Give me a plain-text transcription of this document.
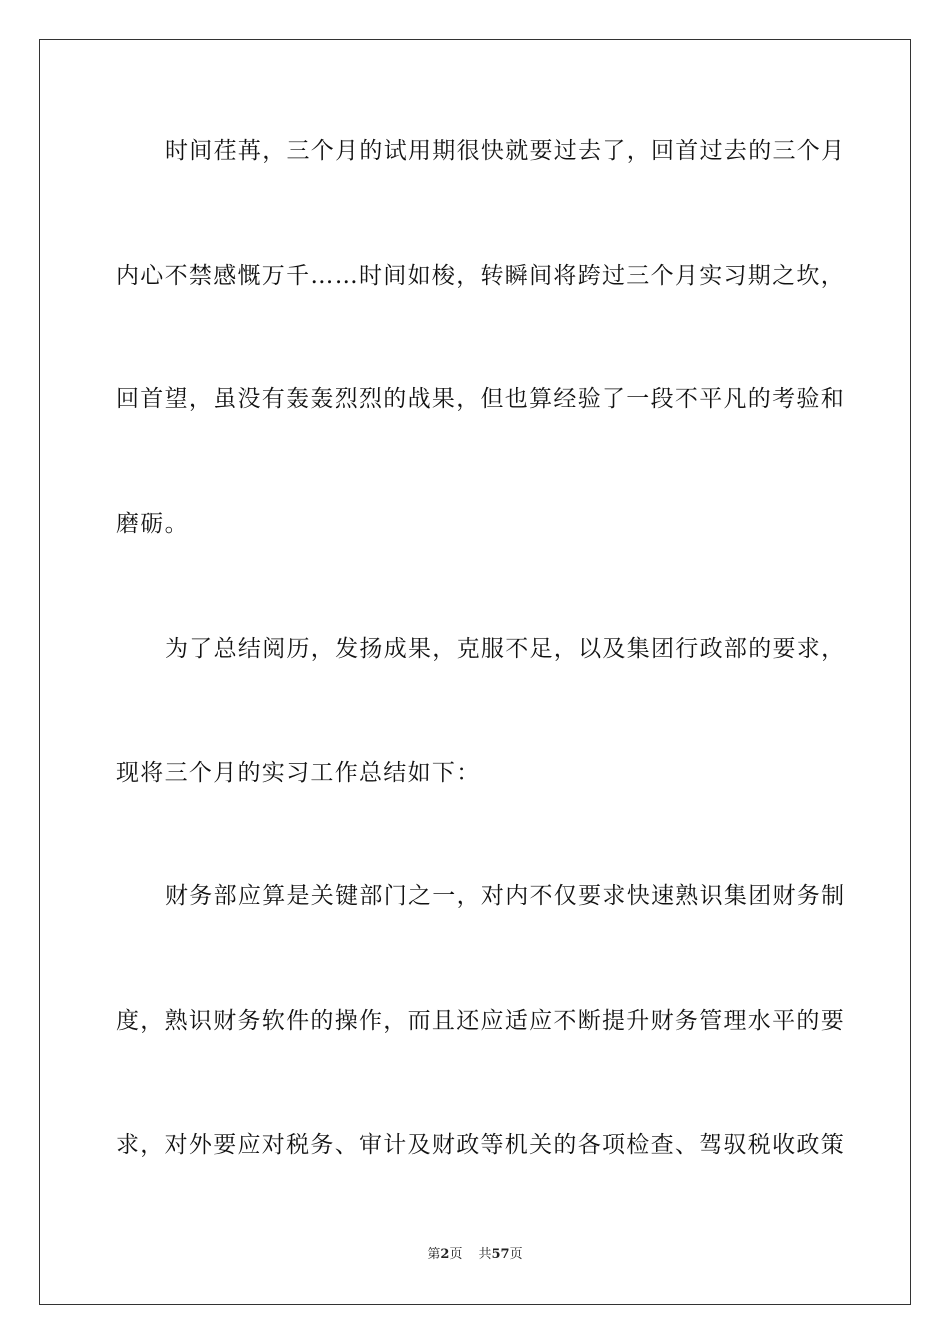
时间荏苒，三个月的试用期很快就要过去了，回首过去的三个月
内心不禁感慨万千……时间如梭，转瞬间将跨过三个月实习期之坎，
回首望，虽没有轰轰烈烈的战果，但也算经验了一段不平凡的考验和
磨砺。
为了总结阅历，发扬成果，克服不足，以及集团行政部的要求，
现将三个月的实习工作总结如下：
财务部应算是关键部门之一，对内不仅要求快速熟识集团财务制
度，熟识财务软件的操作，而且还应适应不断提升财务管理水平的要
求，对外要应对税务、审计及财政等机关的各项检查、驾驭税收政策
第2页 共57页
